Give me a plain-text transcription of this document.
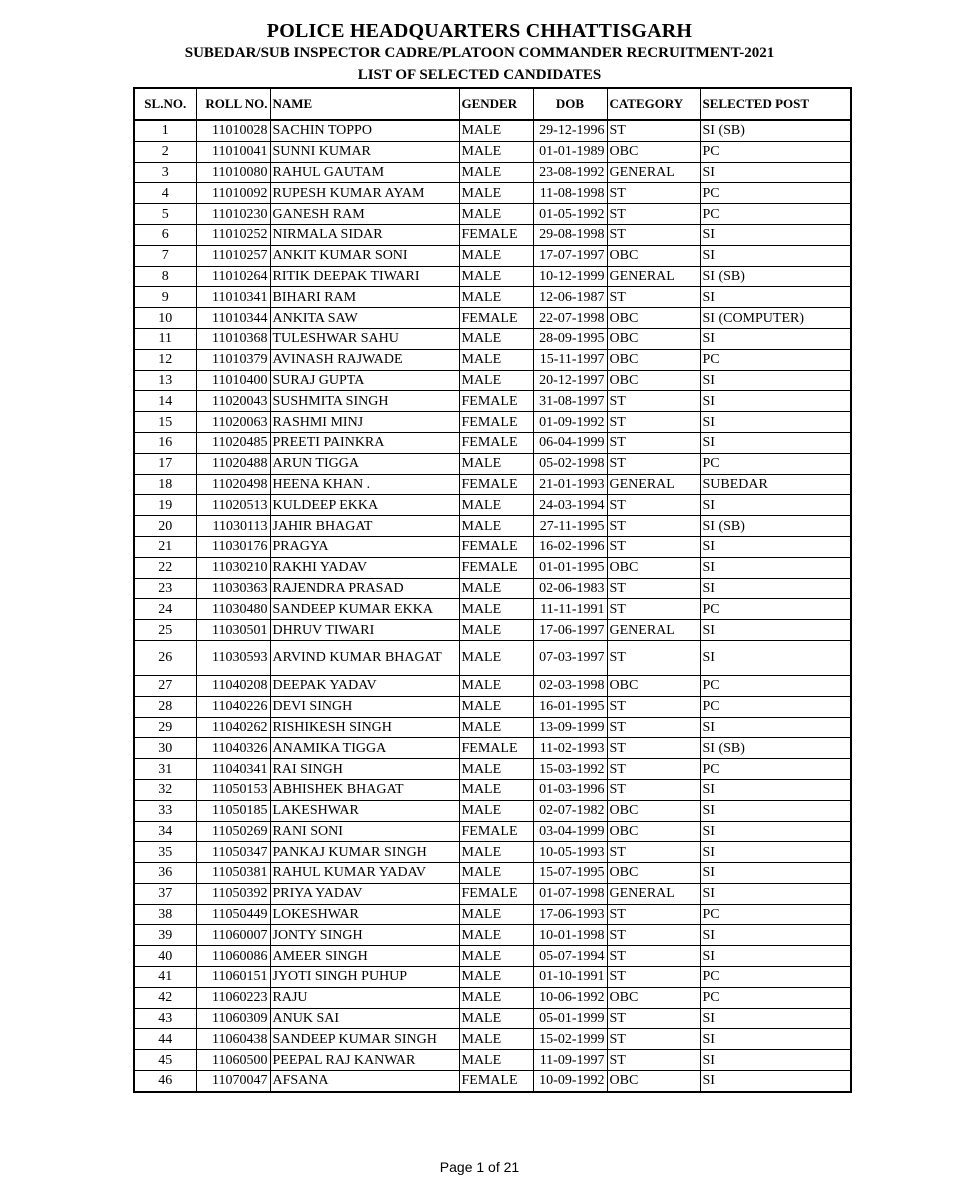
POLICE HEADQUARTERS CHHATTISGARH
SUBEDAR/SUB INSPECTOR CADRE/PLATOON COMMANDER RECRUITMENT-2021
LIST OF SELECTED CANDIDATES
SL.NO.	ROLL NO.	NAME	GENDER	DOB	CATEGORY	SELECTED POST
1	11010028	SACHIN TOPPO	MALE	29-12-1996	ST	SI (SB)
2	11010041	SUNNI KUMAR	MALE	01-01-1989	OBC	PC
3	11010080	RAHUL GAUTAM	MALE	23-08-1992	GENERAL	SI
4	11010092	RUPESH KUMAR AYAM	MALE	11-08-1998	ST	PC
5	11010230	GANESH RAM	MALE	01-05-1992	ST	PC
6	11010252	NIRMALA SIDAR	FEMALE	29-08-1998	ST	SI
7	11010257	ANKIT KUMAR SONI	MALE	17-07-1997	OBC	SI
8	11010264	RITIK DEEPAK TIWARI	MALE	10-12-1999	GENERAL	SI (SB)
9	11010341	BIHARI RAM	MALE	12-06-1987	ST	SI
10	11010344	ANKITA SAW	FEMALE	22-07-1998	OBC	SI (COMPUTER)
11	11010368	TULESHWAR SAHU	MALE	28-09-1995	OBC	SI
12	11010379	AVINASH RAJWADE	MALE	15-11-1997	OBC	PC
13	11010400	SURAJ GUPTA	MALE	20-12-1997	OBC	SI
14	11020043	SUSHMITA SINGH	FEMALE	31-08-1997	ST	SI
15	11020063	RASHMI MINJ	FEMALE	01-09-1992	ST	SI
16	11020485	PREETI PAINKRA	FEMALE	06-04-1999	ST	SI
17	11020488	ARUN TIGGA	MALE	05-02-1998	ST	PC
18	11020498	HEENA KHAN .	FEMALE	21-01-1993	GENERAL	SUBEDAR
19	11020513	KULDEEP EKKA	MALE	24-03-1994	ST	SI
20	11030113	JAHIR BHAGAT	MALE	27-11-1995	ST	SI (SB)
21	11030176	PRAGYA	FEMALE	16-02-1996	ST	SI
22	11030210	RAKHI YADAV	FEMALE	01-01-1995	OBC	SI
23	11030363	RAJENDRA PRASAD	MALE	02-06-1983	ST	SI
24	11030480	SANDEEP KUMAR EKKA	MALE	11-11-1991	ST	PC
25	11030501	DHRUV TIWARI	MALE	17-06-1997	GENERAL	SI
26	11030593	ARVIND KUMAR BHAGAT	MALE	07-03-1997	ST	SI
27	11040208	DEEPAK YADAV	MALE	02-03-1998	OBC	PC
28	11040226	DEVI SINGH	MALE	16-01-1995	ST	PC
29	11040262	RISHIKESH SINGH	MALE	13-09-1999	ST	SI
30	11040326	ANAMIKA TIGGA	FEMALE	11-02-1993	ST	SI (SB)
31	11040341	RAI SINGH	MALE	15-03-1992	ST	PC
32	11050153	ABHISHEK BHAGAT	MALE	01-03-1996	ST	SI
33	11050185	LAKESHWAR	MALE	02-07-1982	OBC	SI
34	11050269	RANI SONI	FEMALE	03-04-1999	OBC	SI
35	11050347	PANKAJ KUMAR SINGH	MALE	10-05-1993	ST	SI
36	11050381	RAHUL KUMAR YADAV	MALE	15-07-1995	OBC	SI
37	11050392	PRIYA YADAV	FEMALE	01-07-1998	GENERAL	SI
38	11050449	LOKESHWAR	MALE	17-06-1993	ST	PC
39	11060007	JONTY SINGH	MALE	10-01-1998	ST	SI
40	11060086	AMEER SINGH	MALE	05-07-1994	ST	SI
41	11060151	JYOTI SINGH PUHUP	MALE	01-10-1991	ST	PC
42	11060223	RAJU	MALE	10-06-1992	OBC	PC
43	11060309	ANUK SAI	MALE	05-01-1999	ST	SI
44	11060438	SANDEEP KUMAR SINGH	MALE	15-02-1999	ST	SI
45	11060500	PEEPAL RAJ KANWAR	MALE	11-09-1997	ST	SI
46	11070047	AFSANA	FEMALE	10-09-1992	OBC	SI
Page 1 of 21
